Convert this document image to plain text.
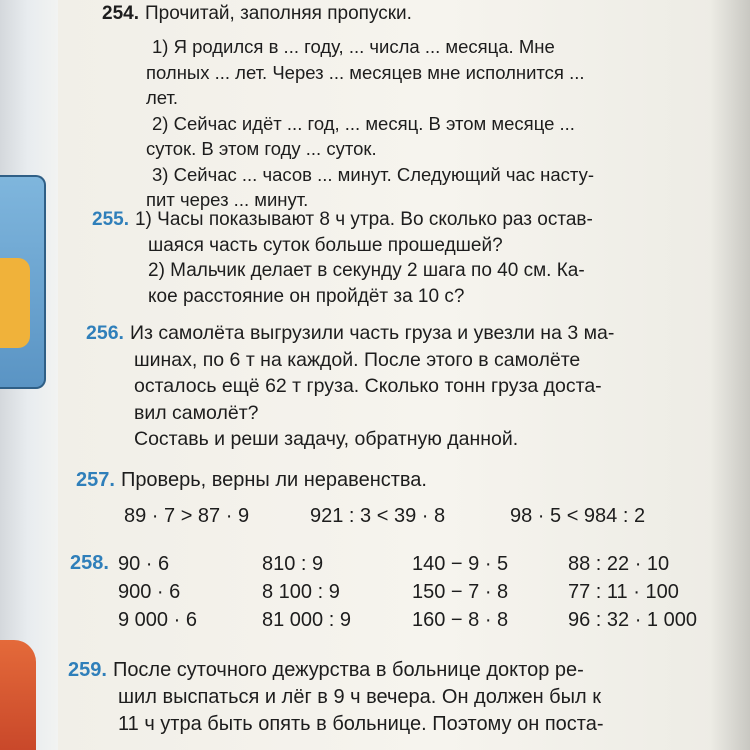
254. Прочитай, заполняя пропуски.
1) Я родился в ... году, ... числа ... месяца. Мне
полных ... лет. Через ... месяцев мне исполнится ...
лет.
2) Сейчас идёт ... год, ... месяц. В этом месяце ...
суток. В этом году ... суток.
3) Сейчас ... часов ... минут. Следующий час насту-
пит через ... минут.
255. 1) Часы показывают 8 ч утра. Во сколько раз остав-
шаяся часть суток больше прошедшей?
2) Мальчик делает в секунду 2 шага по 40 см. Ка-
кое расстояние он пройдёт за 10 с?
256. Из самолёта выгрузили часть груза и увезли на 3 ма-
шинах, по 6 т на каждой. После этого в самолёте
осталось ещё 62 т груза. Сколько тонн груза доста-
вил самолёт?
Составь и реши задачу, обратную данной.
257. Проверь, верны ли неравенства.
89 · 7 > 87 · 9	921 : 3 < 39 · 8	98 · 5 < 984 : 2
258. 90 · 6
900 · 6
9 000 · 6
810 : 9
8 100 : 9
81 000 : 9
140 − 9 · 5
150 − 7 · 8
160 − 8 · 8
88 : 22 · 10
77 : 11 · 100
96 : 32 · 1 000
259. После суточного дежурства в больнице доктор ре-
шил выспаться и лёг в 9 ч вечера. Он должен был к
11 ч утра быть опять в больнице. Поэтому он поста-
